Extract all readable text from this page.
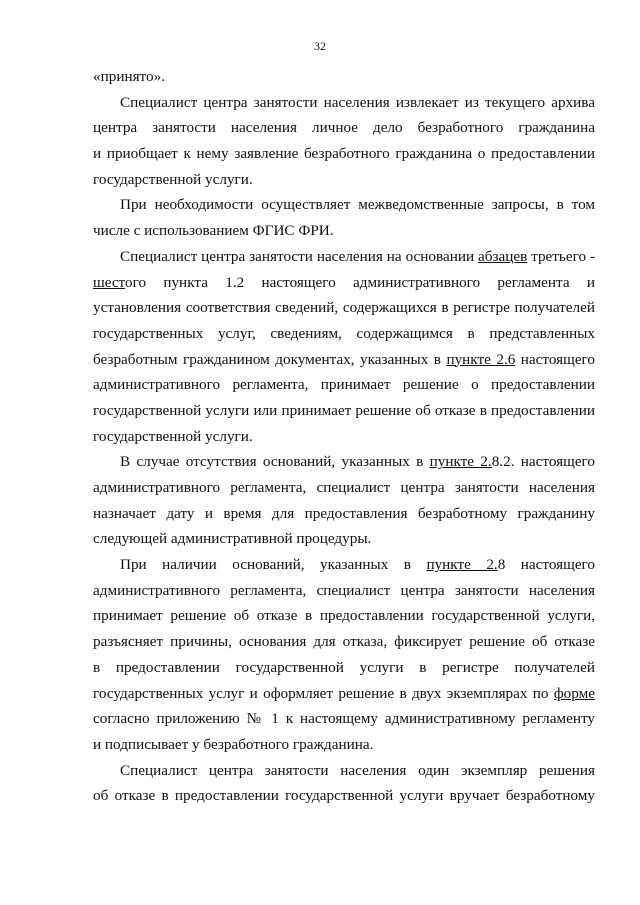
32
«принято».
Специалист центра занятости населения извлекает из текущего архива
центра занятости населения личное дело безработного гражданина
и приобщает к нему заявление безработного гражданина о предоставлении
государственной услуги.
При необходимости осуществляет межведомственные запросы, в том
числе с использованием ФГИС ФРИ.
Специалист центра занятости населения на основании абзацев третьего -
шестого пункта 1.2 настоящего административного регламента и
установления соответствия сведений, содержащихся в регистре получателей
государственных услуг, сведениям, содержащимся в представленных
безработным гражданином документах, указанных в пункте 2.6 настоящего
административного регламента, принимает решение о предоставлении
государственной услуги или принимает решение об отказе в предоставлении
государственной услуги.
В случае отсутствия оснований, указанных в пункте 2.8.2. настоящего
административного регламента, специалист центра занятости населения
назначает дату и время для предоставления безработному гражданину
следующей административной процедуры.
При наличии оснований, указанных в пункте 2.8 настоящего
административного регламента, специалист центра занятости населения
принимает решение об отказе в предоставлении государственной услуги,
разъясняет причины, основания для отказа, фиксирует решение об отказе
в предоставлении государственной услуги в регистре получателей
государственных услуг и оформляет решение в двух экземплярах по форме
согласно приложению № 1 к настоящему административному регламенту
и подписывает у безработного гражданина.
Специалист центра занятости населения один экземпляр решения
об отказе в предоставлении государственной услуги вручает безработному
